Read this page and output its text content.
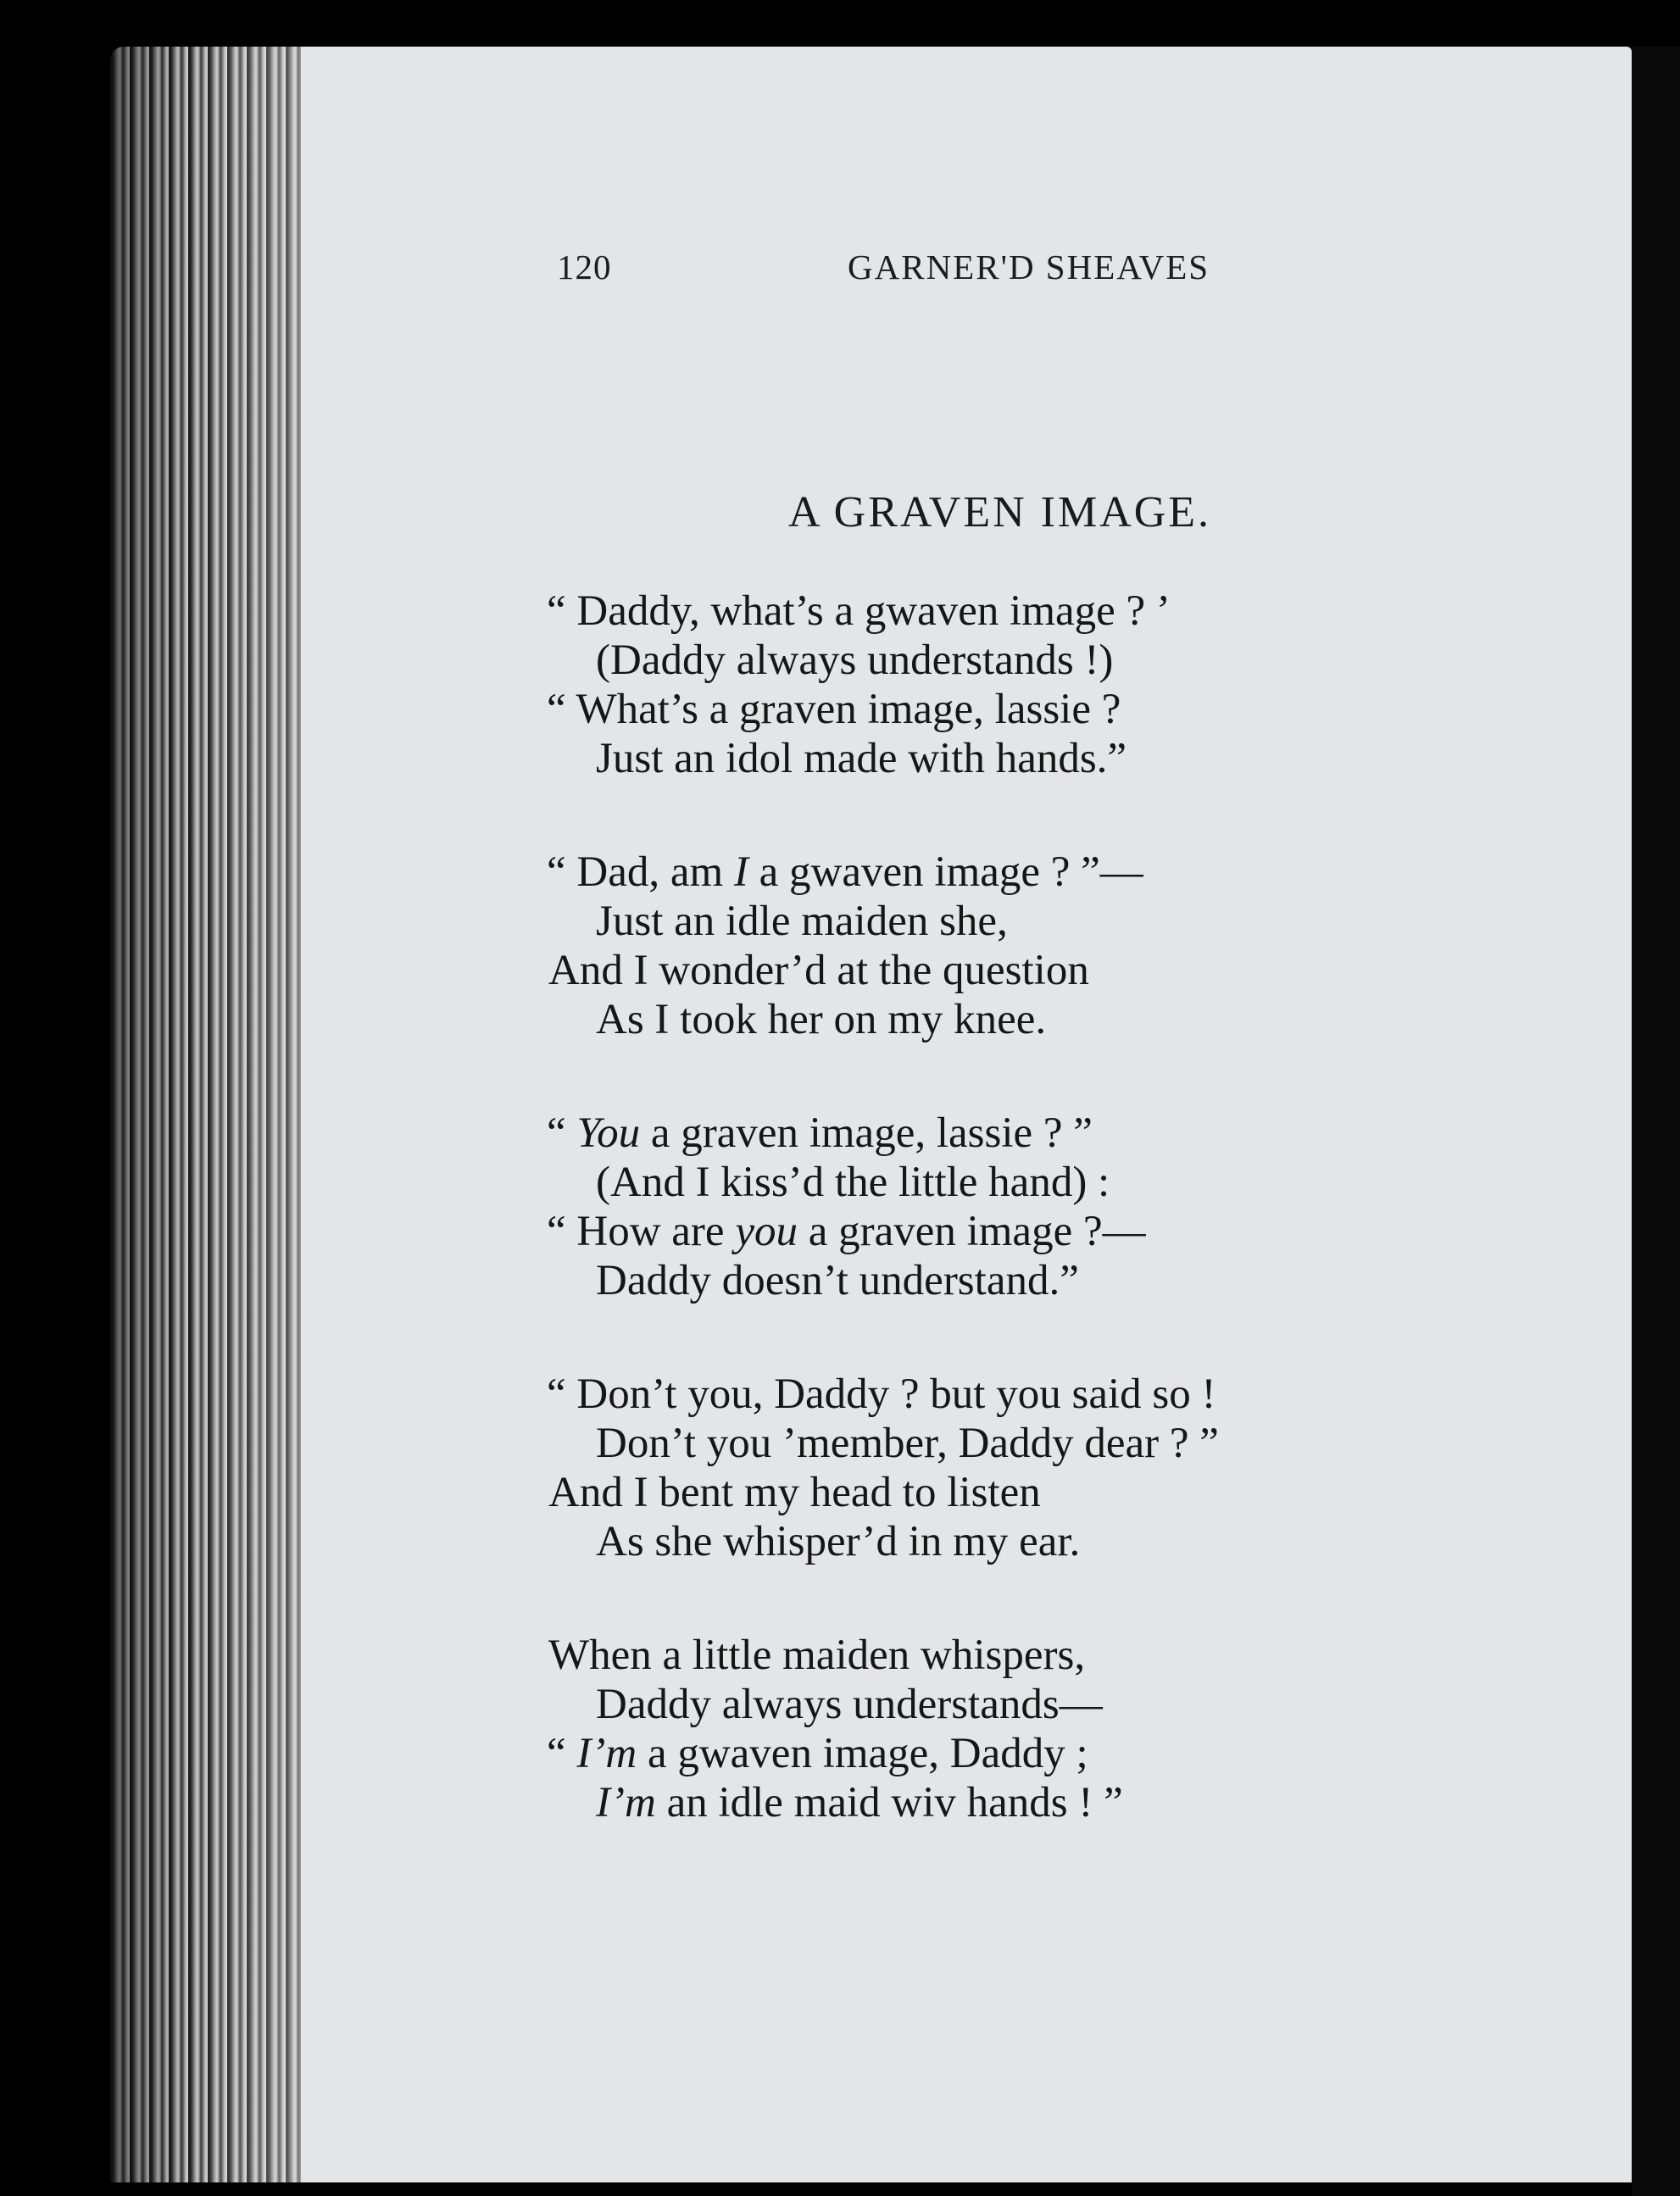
120	GARNER'D SHEAVES
A GRAVEN IMAGE.
“ Daddy, what’s a gwaven image ? ’
(Daddy always understands !)
“ What’s a graven image, lassie ?
Just an idol made with hands.”
“ Dad, am I a gwaven image ? ”—
Just an idle maiden she,
And I wonder’d at the question
As I took her on my knee.
“ You a graven image, lassie ? ”
(And I kiss’d the little hand) :
“ How are you a graven image ?—
Daddy doesn’t understand.”
“ Don’t you, Daddy ? but you said so !
Don’t you ’member, Daddy dear ? ”
And I bent my head to listen
As she whisper’d in my ear.
When a little maiden whispers,
Daddy always understands—
“ I’m a gwaven image, Daddy ;
I’m an idle maid wiv hands ! ”
